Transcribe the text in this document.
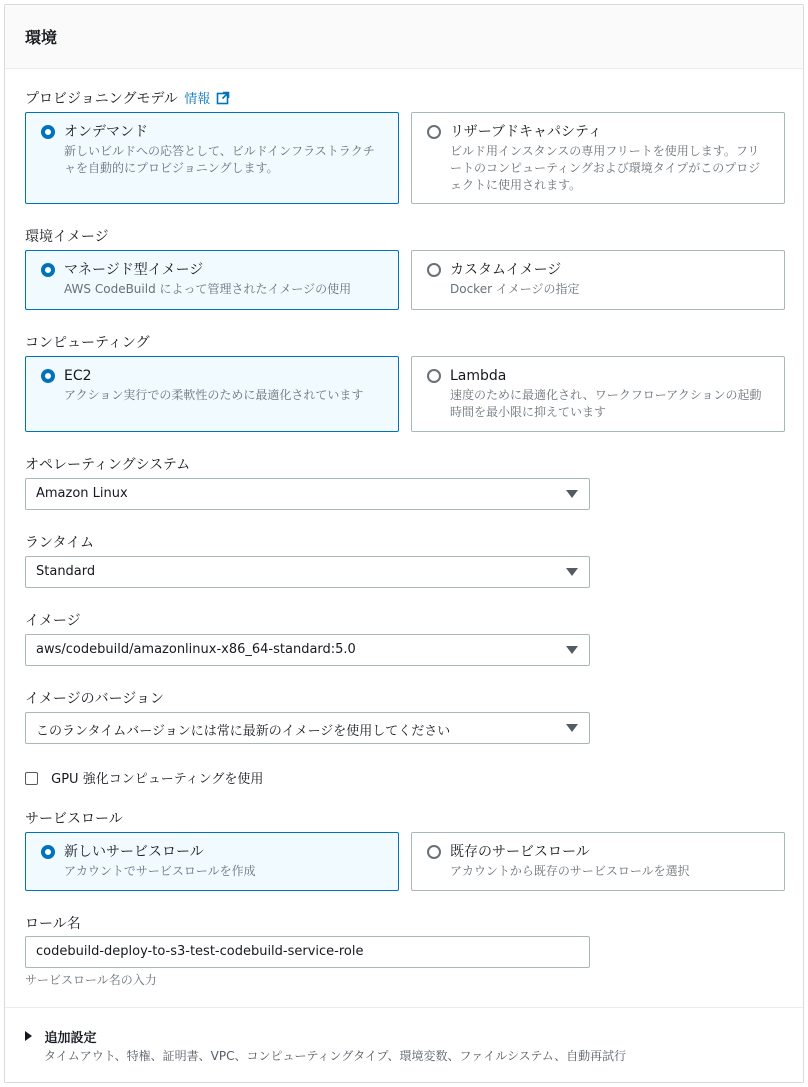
環境
プロビジョニングモデル 情報
オンデマンド
新しいビルドへの応答として、ビルドインフラストラクチ
ャを自動的にプロビジョニングします。
リザーブドキャパシティ
ビルド用インスタンスの専用フリートを使用します。フリ
ートのコンピューティングおよび環境タイプがこのプロジ
ェクトに使用されます。
環境イメージ
マネージド型イメージ
AWS CodeBuild によって管理されたイメージの使用
カスタムイメージ
Docker イメージの指定
コンピューティング
EC2
アクション実行での柔軟性のために最適化されています
Lambda
速度のために最適化され、ワークフローアクションの起動
時間を最小限に抑えています
オペレーティングシステム
Amazon Linux
ランタイム
Standard
イメージ
aws/codebuild/amazonlinux-x86_64-standard:5.0
イメージのバージョン
このランタイムバージョンには常に最新のイメージを使用してください
GPU 強化コンピューティングを使用
サービスロール
新しいサービスロール
アカウントでサービスロールを作成
既存のサービスロール
アカウントから既存のサービスロールを選択
ロール名
codebuild-deploy-to-s3-test-codebuild-service-role
サービスロール名の入力
追加設定
タイムアウト、特権、証明書、VPC、コンピューティングタイプ、環境変数、ファイルシステム、自動再試行
